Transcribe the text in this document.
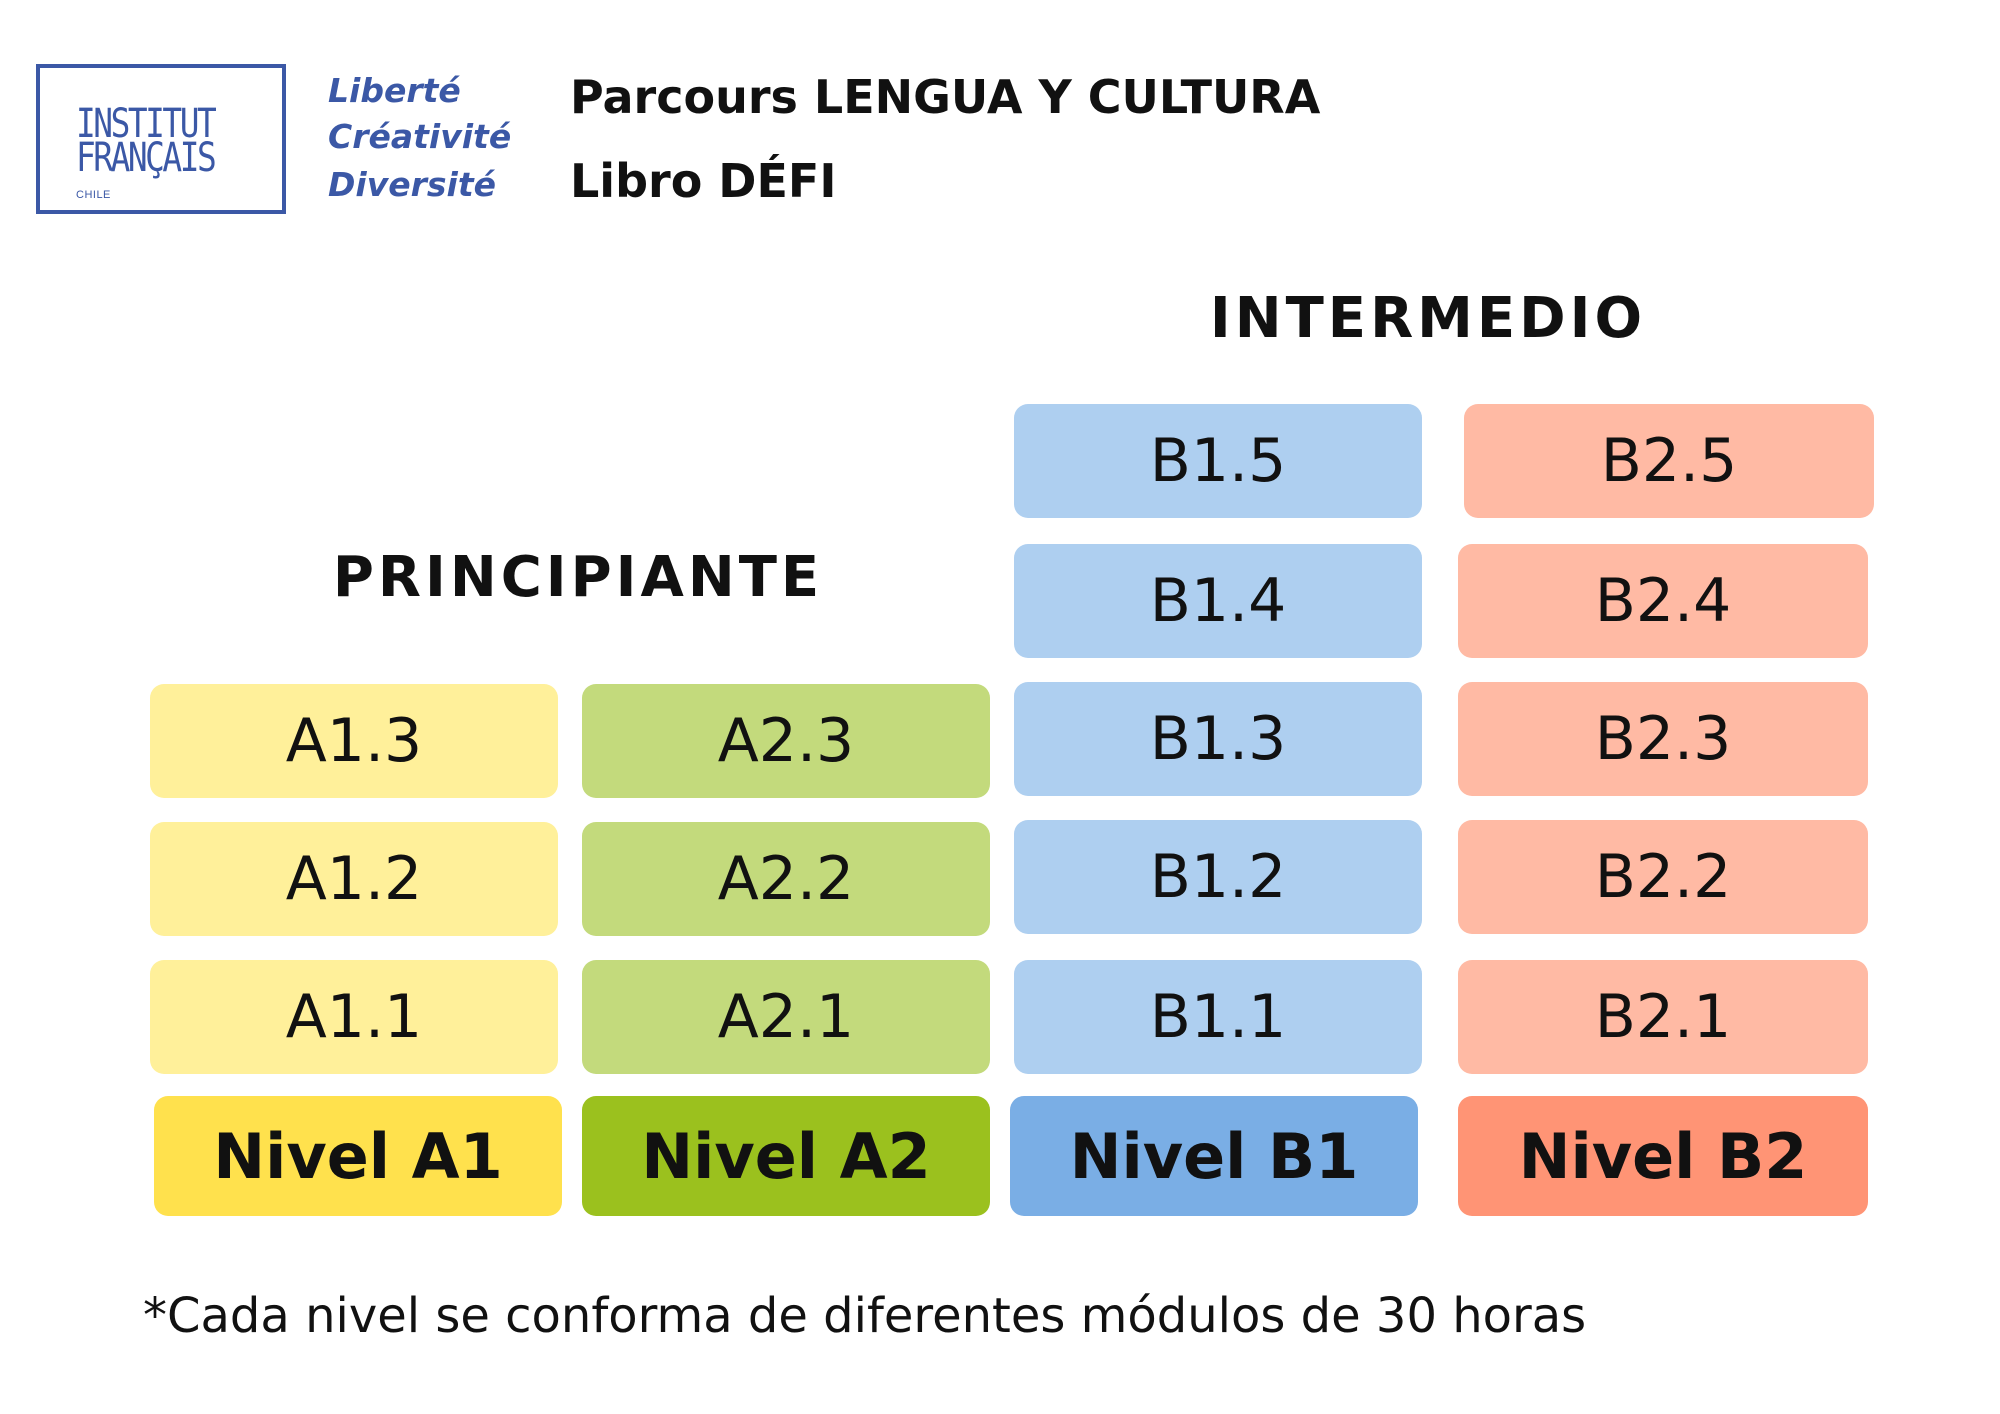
INSTITUT
FRANÇAIS
CHILE
Liberté
Créativité
Diversité
Parcours LENGUA Y CULTURA
Libro DÉFI
PRINCIPIANTE
INTERMEDIO
A1.3
A1.2
A1.1
Nivel A1
A2.3
A2.2
A2.1
Nivel A2
B1.5
B1.4
B1.3
B1.2
B1.1
Nivel B1
B2.5
B2.4
B2.3
B2.2
B2.1
Nivel B2
*Cada nivel se conforma de diferentes módulos de 30 horas
